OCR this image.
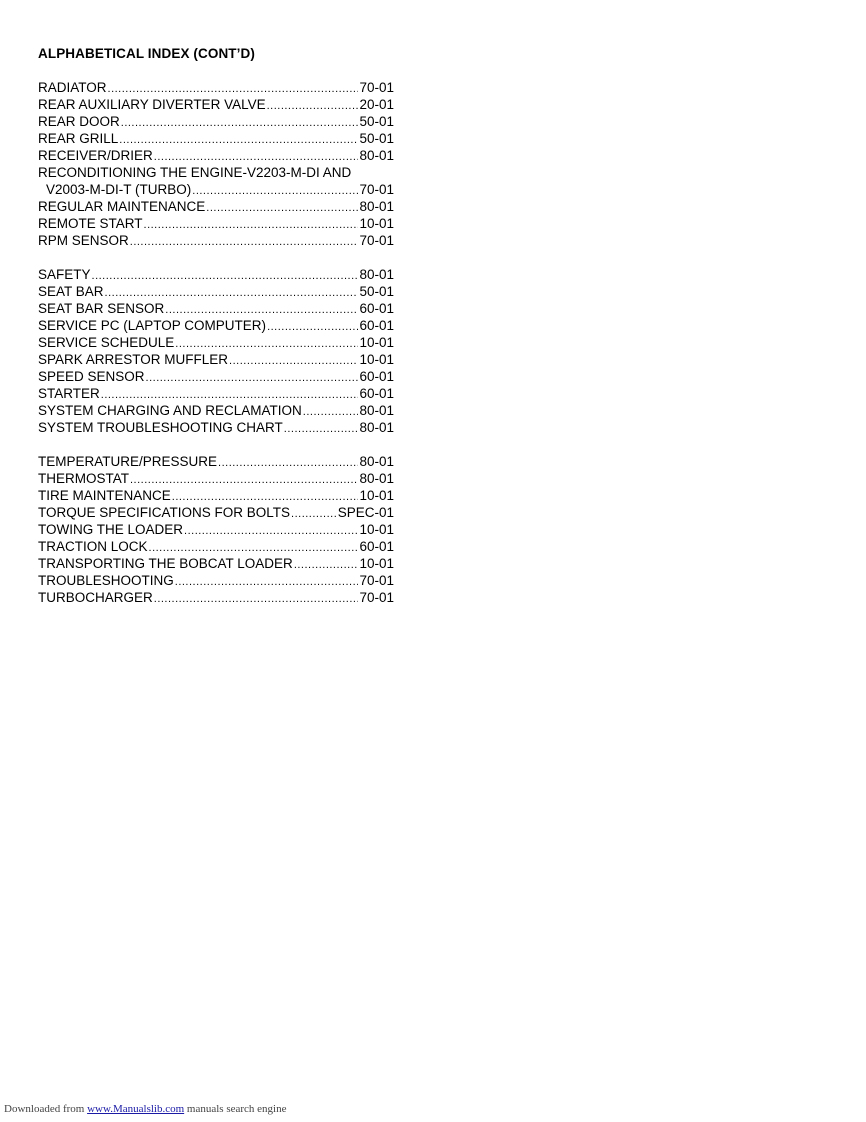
ALPHABETICAL INDEX (CONT’D)
RADIATOR .....	70-01
REAR AUXILIARY DIVERTER VALVE .....	20-01
REAR DOOR .....	50-01
REAR GRILL .....	50-01
RECEIVER/DRIER .....	80-01
RECONDITIONING THE ENGINE-V2203-M-DI AND
V2003-M-DI-T (TURBO) .....	70-01
REGULAR MAINTENANCE .....	80-01
REMOTE START .....	10-01
RPM SENSOR .....	70-01
SAFETY .....	80-01
SEAT BAR .....	50-01
SEAT BAR SENSOR .....	60-01
SERVICE PC (LAPTOP COMPUTER) .....	60-01
SERVICE SCHEDULE .....	10-01
SPARK ARRESTOR MUFFLER .....	10-01
SPEED SENSOR .....	60-01
STARTER .....	60-01
SYSTEM CHARGING AND RECLAMATION .....	80-01
SYSTEM TROUBLESHOOTING CHART .....	80-01
TEMPERATURE/PRESSURE .....	80-01
THERMOSTAT .....	80-01
TIRE MAINTENANCE .....	10-01
TORQUE SPECIFICATIONS FOR BOLTS .....	SPEC-01
TOWING THE LOADER .....	10-01
TRACTION LOCK .....	60-01
TRANSPORTING THE BOBCAT LOADER .....	10-01
TROUBLESHOOTING .....	70-01
TURBOCHARGER .....	70-01
Downloaded from www.Manualslib.com manuals search engine
